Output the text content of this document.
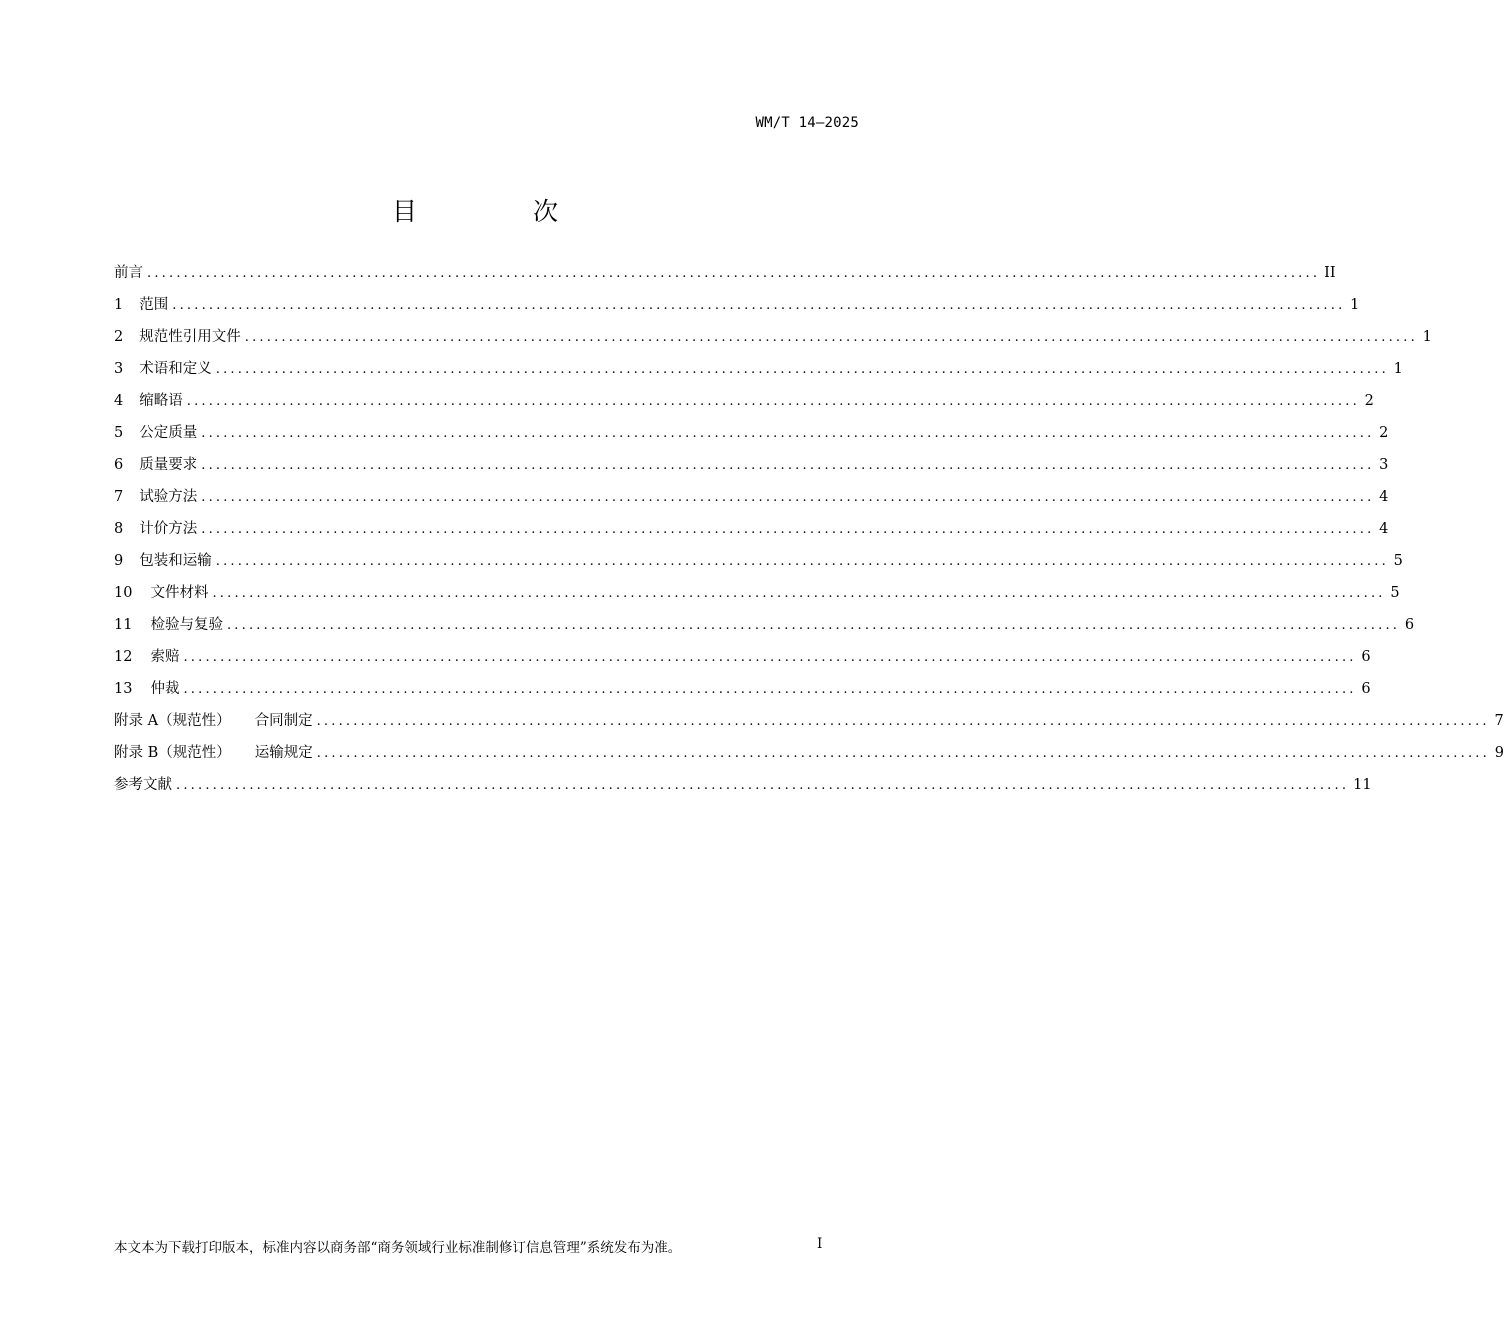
WM/T 14—2025
目 次
前言 ................................................................................................................................................................ II
1 范围 ................................................................................................................................................................ 1
2 规范性引用文件 ................................................................................................................................................................ 1
3 术语和定义 ................................................................................................................................................................ 1
4 缩略语 ................................................................................................................................................................ 2
5 公定质量 ................................................................................................................................................................ 2
6 质量要求 ................................................................................................................................................................ 3
7 试验方法 ................................................................................................................................................................ 4
8 计价方法 ................................................................................................................................................................ 4
9 包装和运输 ................................................................................................................................................................ 5
10 文件材料 ................................................................................................................................................................ 5
11 检验与复验 ................................................................................................................................................................ 6
12 索赔 ................................................................................................................................................................ 6
13 仲裁 ................................................................................................................................................................ 6
附录 A（规范性） 合同制定 ................................................................................................................................................................ 7
附录 B（规范性） 运输规定 ................................................................................................................................................................ 9
参考文献 ................................................................................................................................................................ 11
本文本为下载打印版本，标准内容以商务部“商务领域行业标准制修订信息管理”系统发布为准。	I
